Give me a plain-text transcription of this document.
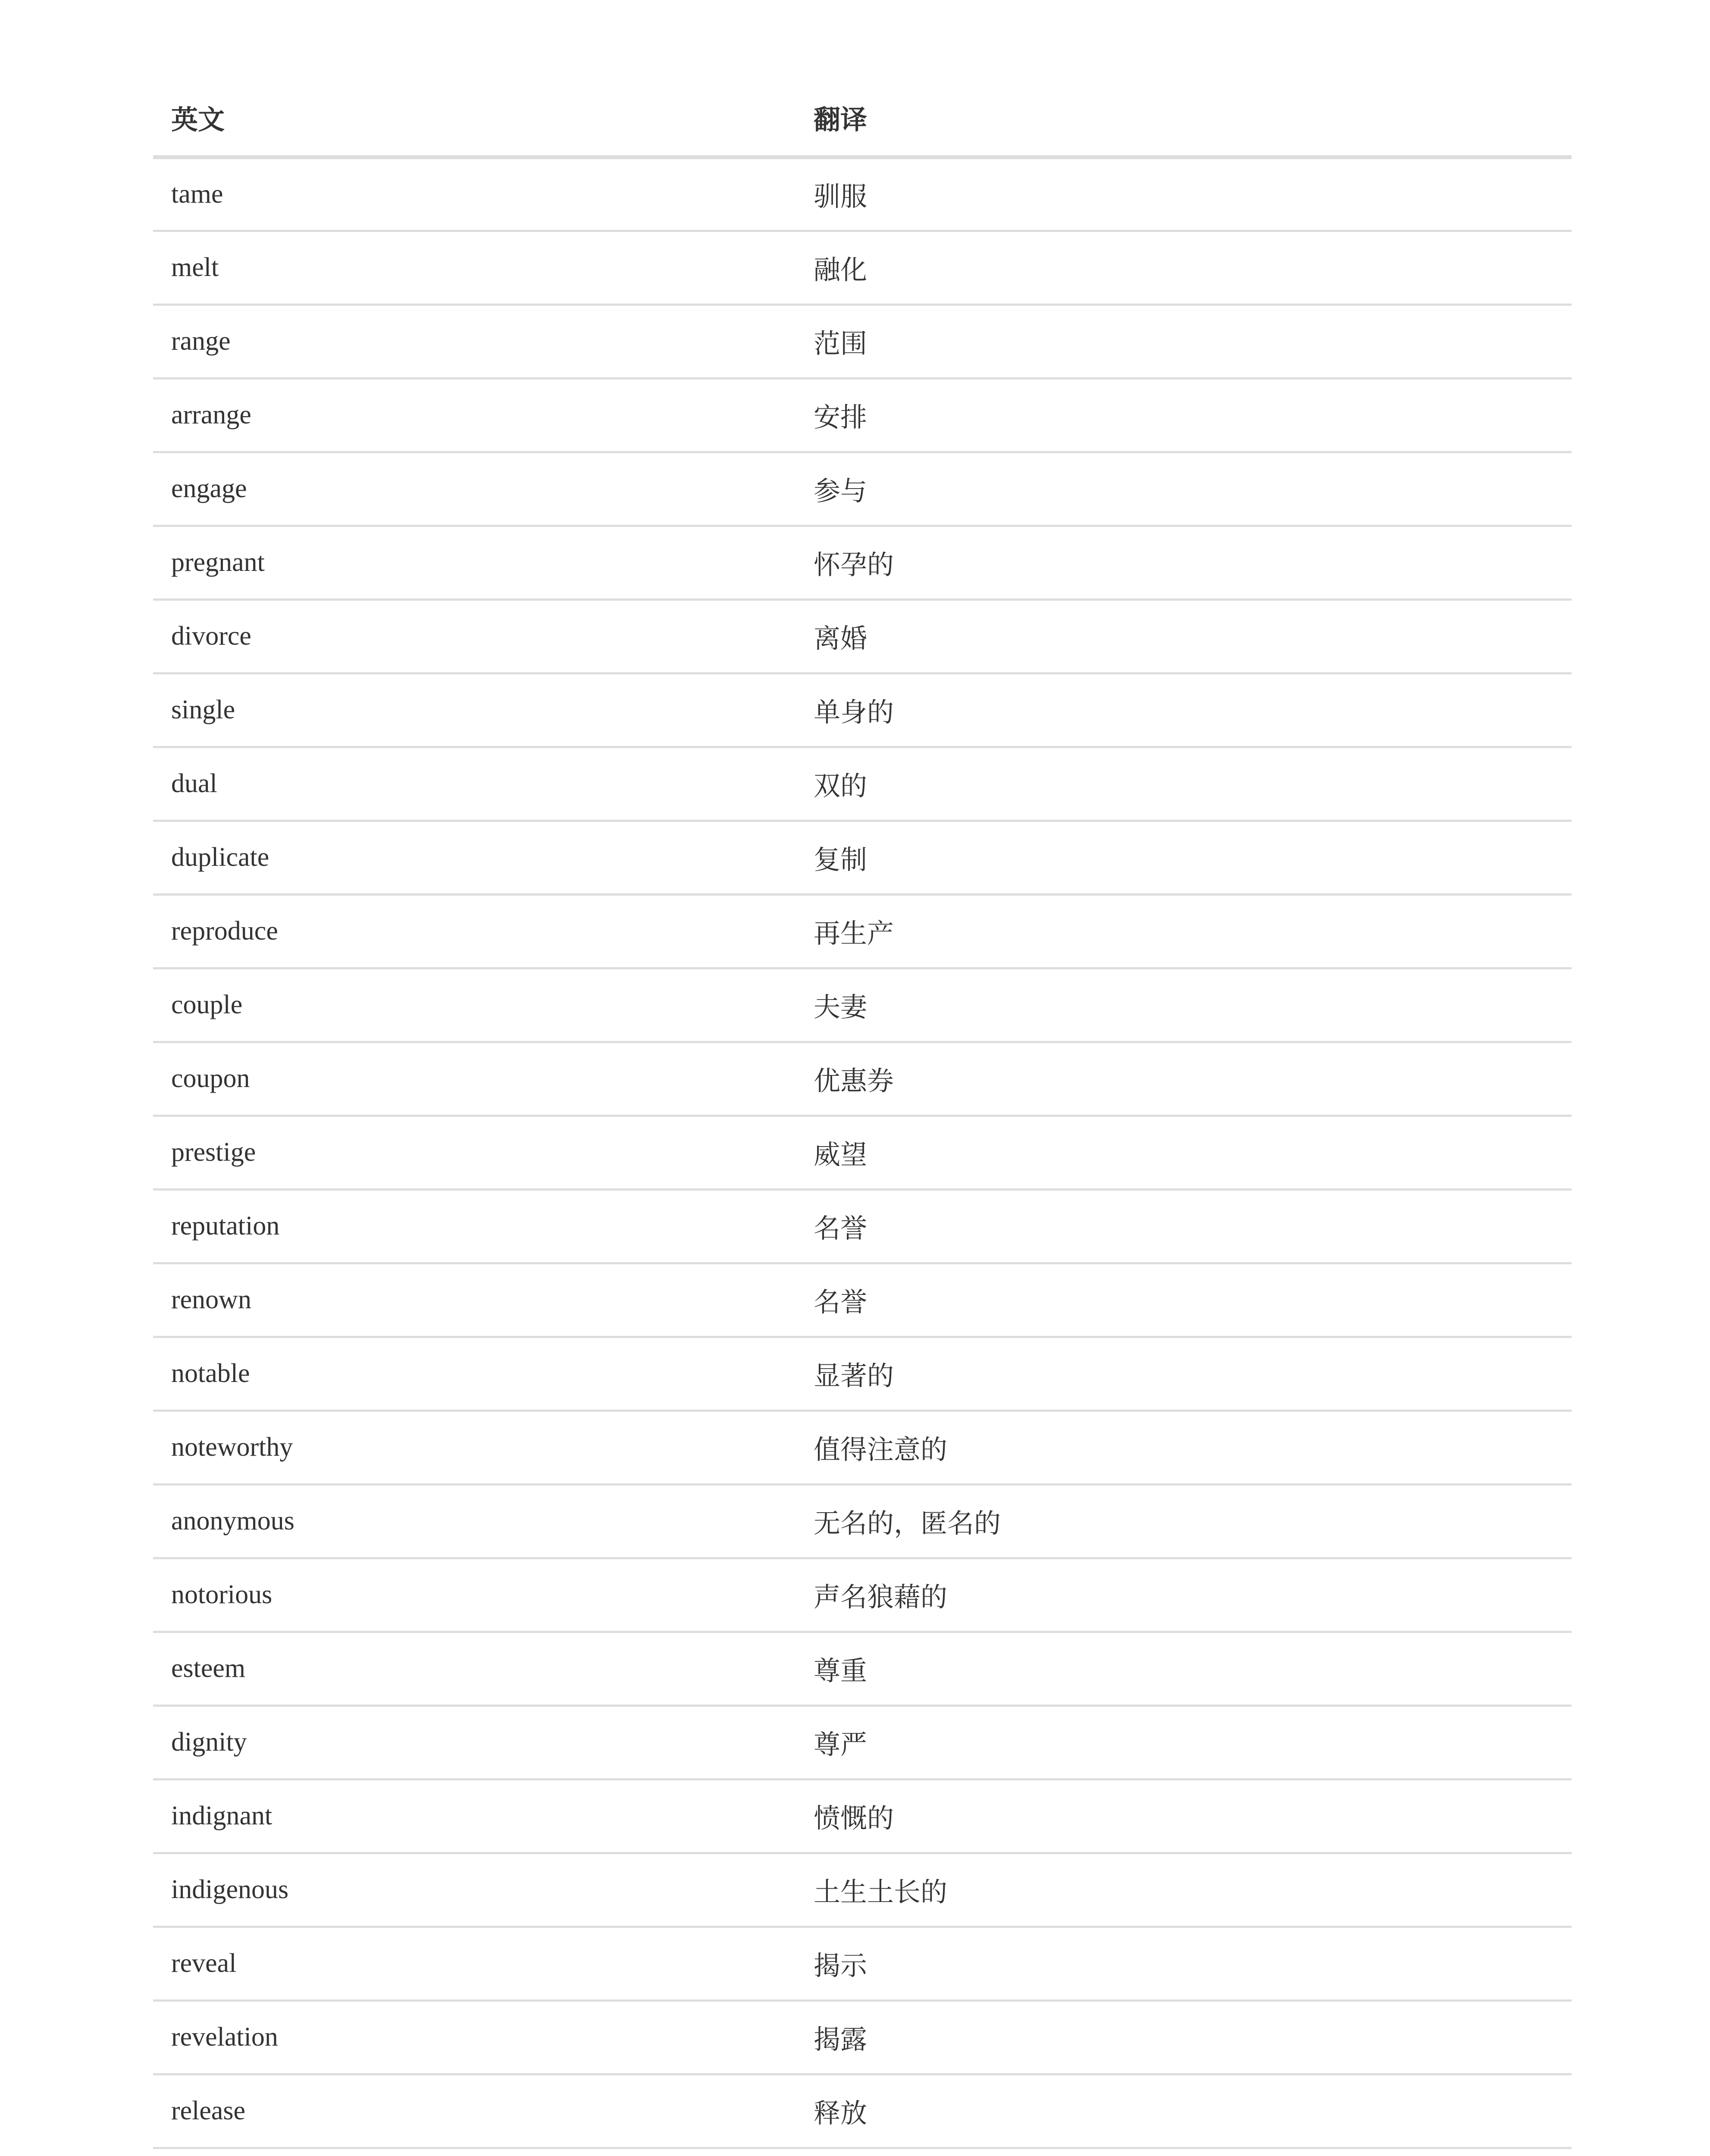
英文	翻译
tame	驯服
melt	融化
range	范围
arrange	安排
engage	参与
pregnant	怀孕的
divorce	离婚
single	单身的
dual	双的
duplicate	复制
reproduce	再生产
couple	夫妻
coupon	优惠券
prestige	威望
reputation	名誉
renown	名誉
notable	显著的
noteworthy	值得注意的
anonymous	无名的，匿名的
notorious	声名狼藉的
esteem	尊重
dignity	尊严
indignant	愤慨的
indigenous	土生土长的
reveal	揭示
revelation	揭露
release	释放
